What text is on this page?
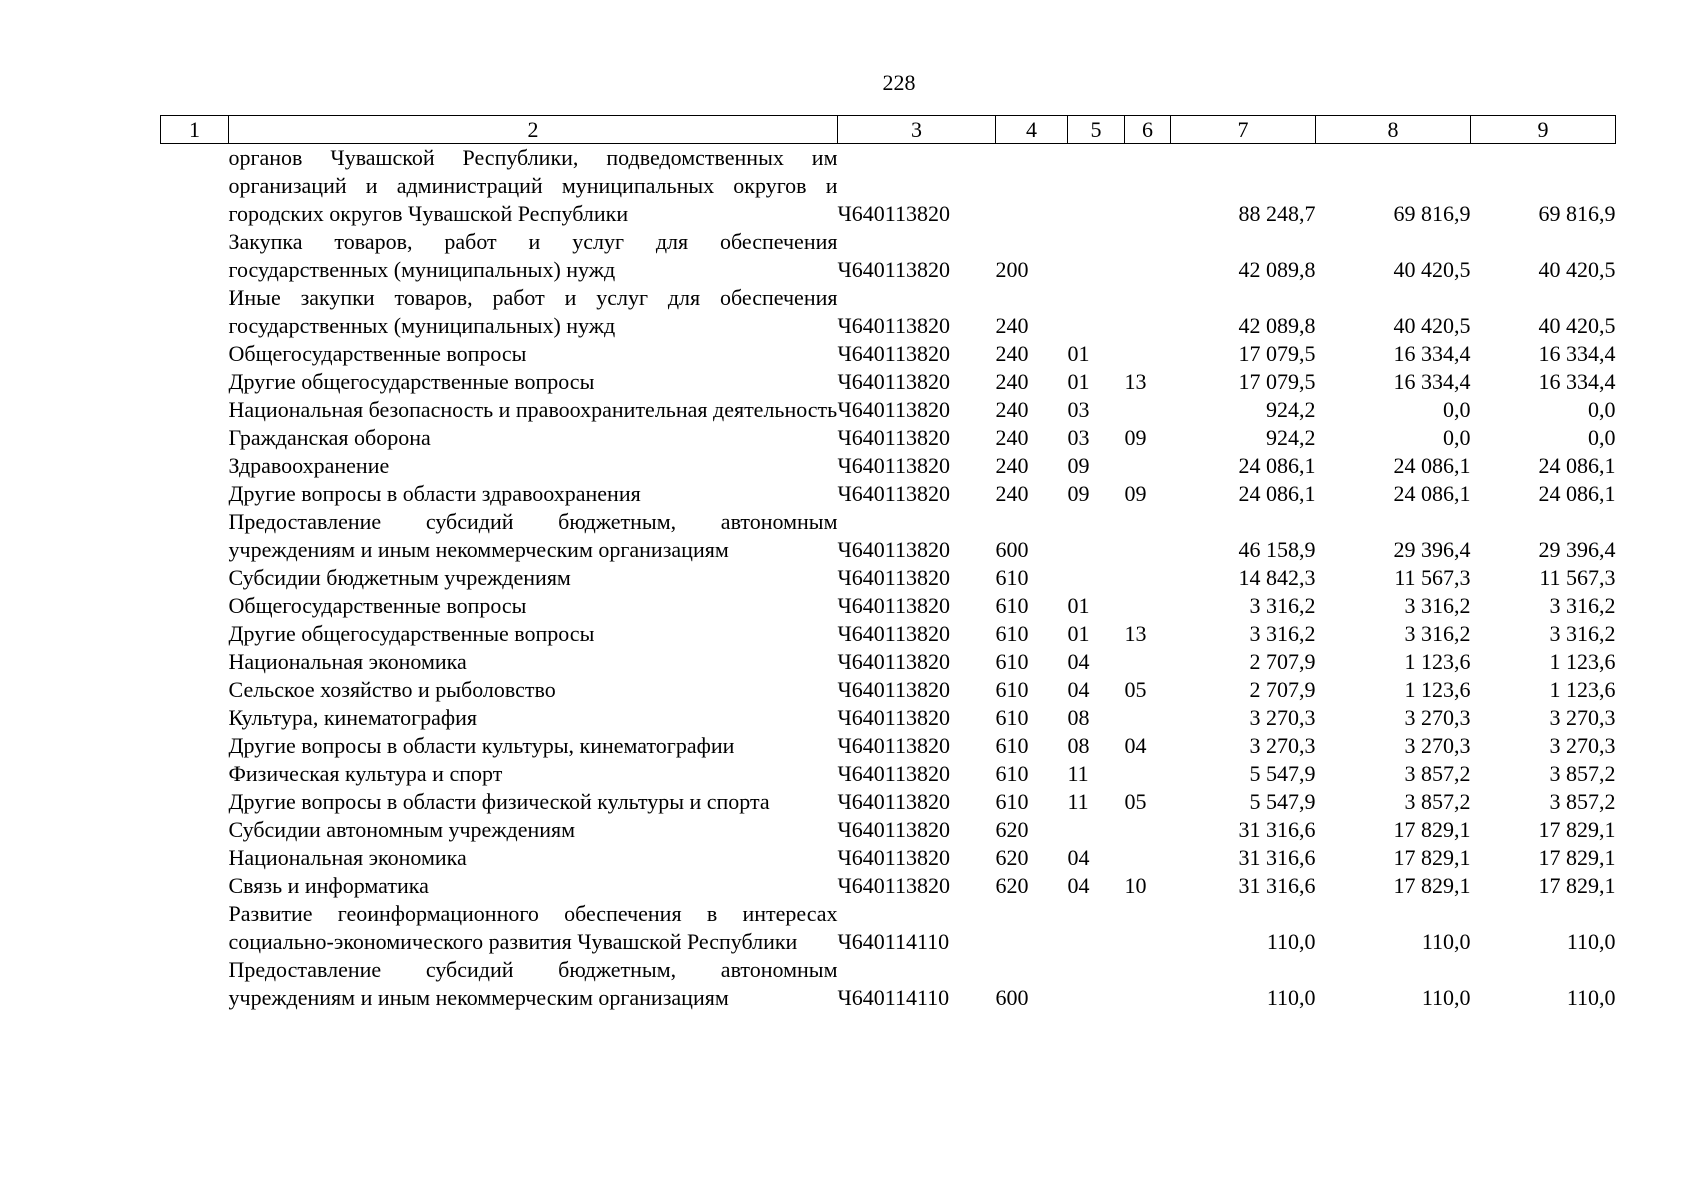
228
1	2	3	4	5	6	7	8	9
	органов Чувашской Республики, подведомственных им организаций и администраций муниципальных округов и городских округов Чувашской Республики	Ч640113820				88 248,7	69 816,9	69 816,9
	Закупка товаров, работ и услуг для обеспечения государственных (муниципальных) нужд	Ч640113820	200			42 089,8	40 420,5	40 420,5
	Иные закупки товаров, работ и услуг для обеспечения государственных (муниципальных) нужд	Ч640113820	240			42 089,8	40 420,5	40 420,5
	Общегосударственные вопросы	Ч640113820	240	01		17 079,5	16 334,4	16 334,4
	Другие общегосударственные вопросы	Ч640113820	240	01	13	17 079,5	16 334,4	16 334,4
	Национальная безопасность и правоохранительная деятельность	Ч640113820	240	03		924,2	0,0	0,0
	Гражданская оборона	Ч640113820	240	03	09	924,2	0,0	0,0
	Здравоохранение	Ч640113820	240	09		24 086,1	24 086,1	24 086,1
	Другие вопросы в области здравоохранения	Ч640113820	240	09	09	24 086,1	24 086,1	24 086,1
	Предоставление субсидий бюджетным, автономным учреждениям и иным некоммерческим организациям	Ч640113820	600			46 158,9	29 396,4	29 396,4
	Субсидии бюджетным учреждениям	Ч640113820	610			14 842,3	11 567,3	11 567,3
	Общегосударственные вопросы	Ч640113820	610	01		3 316,2	3 316,2	3 316,2
	Другие общегосударственные вопросы	Ч640113820	610	01	13	3 316,2	3 316,2	3 316,2
	Национальная экономика	Ч640113820	610	04		2 707,9	1 123,6	1 123,6
	Сельское хозяйство и рыболовство	Ч640113820	610	04	05	2 707,9	1 123,6	1 123,6
	Культура, кинематография	Ч640113820	610	08		3 270,3	3 270,3	3 270,3
	Другие вопросы в области культуры, кинематографии	Ч640113820	610	08	04	3 270,3	3 270,3	3 270,3
	Физическая культура и спорт	Ч640113820	610	11		5 547,9	3 857,2	3 857,2
	Другие вопросы в области физической культуры и спорта	Ч640113820	610	11	05	5 547,9	3 857,2	3 857,2
	Субсидии автономным учреждениям	Ч640113820	620			31 316,6	17 829,1	17 829,1
	Национальная экономика	Ч640113820	620	04		31 316,6	17 829,1	17 829,1
	Связь и информатика	Ч640113820	620	04	10	31 316,6	17 829,1	17 829,1
	Развитие геоинформационного обеспечения в интересах социально-экономического развития Чувашской Республики	Ч640114110				110,0	110,0	110,0
	Предоставление субсидий бюджетным, автономным учреждениям и иным некоммерческим организациям	Ч640114110	600			110,0	110,0	110,0
